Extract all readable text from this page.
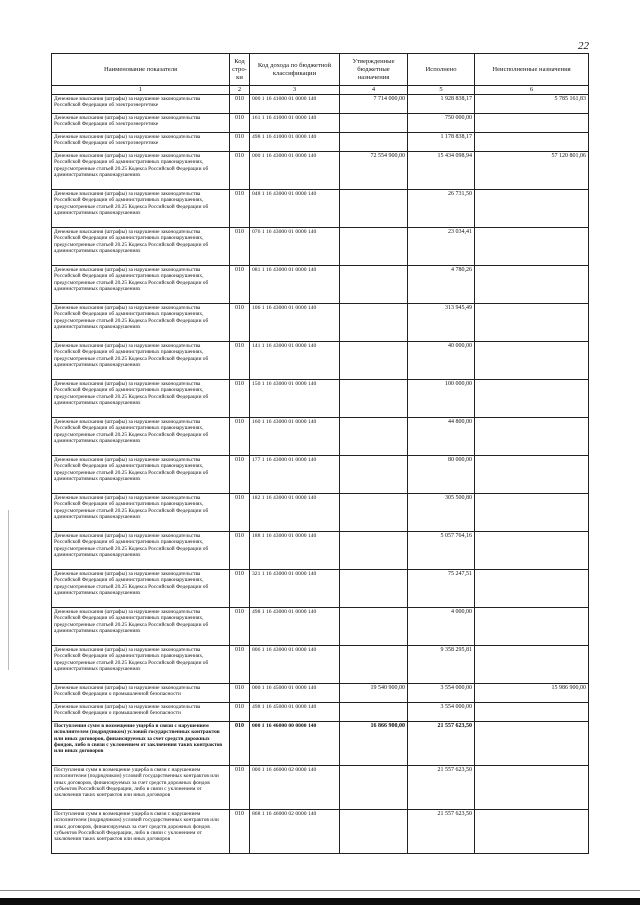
22
Наименование показателя	Код стро- ки	Код дохода по бюджетной классификации	Утвержденные бюджетные назначения	Исполнено	Неисполненные назначения
1	2	3	4	5	6
Денежные взыскания (штрафы) за нарушение законодательства Российской Федерации об электроэнергетике	010	000 1 16 41000 01 0000 140	7 714 000,00	1 928 838,17	5 785 161,83
Денежные взыскания (штрафы) за нарушение законодательства Российской Федерации об электроэнергетике	010	161 1 16 41000 01 0000 140		750 000,00	
Денежные взыскания (штрафы) за нарушение законодательства Российской Федерации об электроэнергетике	010	498 1 16 41000 01 0000 140		1 178 838,17	
Денежные взыскания (штрафы) за нарушение законодательства Российской Федерации об административных правонарушениях, предусмотренные статьей 20.25 Кодекса Российской Федерации об административных правонарушениях	010	000 1 16 43000 01 0000 140	72 554 900,00	15 434 098,94	57 120 801,06
Денежные взыскания (штрафы) за нарушение законодательства Российской Федерации об административных правонарушениях, предусмотренные статьей 20.25 Кодекса Российской Федерации об административных правонарушениях	010	048 1 16 43000 01 0000 140		26 731,50	
Денежные взыскания (штрафы) за нарушение законодательства Российской Федерации об административных правонарушениях, предусмотренные статьей 20.25 Кодекса Российской Федерации об административных правонарушениях	010	076 1 16 43000 01 0000 140		23 034,41	
Денежные взыскания (штрафы) за нарушение законодательства Российской Федерации об административных правонарушениях, предусмотренные статьей 20.25 Кодекса Российской Федерации об административных правонарушениях	010	081 1 16 43000 01 0000 140		4 780,26	
Денежные взыскания (штрафы) за нарушение законодательства Российской Федерации об административных правонарушениях, предусмотренные статьей 20.25 Кодекса Российской Федерации об административных правонарушениях	010	106 1 16 43000 01 0000 140		313 945,49	
Денежные взыскания (штрафы) за нарушение законодательства Российской Федерации об административных правонарушениях, предусмотренные статьей 20.25 Кодекса Российской Федерации об административных правонарушениях	010	141 1 16 43000 01 0000 140		40 000,00	
Денежные взыскания (штрафы) за нарушение законодательства Российской Федерации об административных правонарушениях, предусмотренные статьей 20.25 Кодекса Российской Федерации об административных правонарушениях	010	150 1 16 43000 01 0000 140		100 000,00	
Денежные взыскания (штрафы) за нарушение законодательства Российской Федерации об административных правонарушениях, предусмотренные статьей 20.25 Кодекса Российской Федерации об административных правонарушениях	010	160 1 16 43000 01 0000 140		44 800,00	
Денежные взыскания (штрафы) за нарушение законодательства Российской Федерации об административных правонарушениях, предусмотренные статьей 20.25 Кодекса Российской Федерации об административных правонарушениях	010	177 1 16 43000 01 0000 140		80 000,00	
Денежные взыскания (штрафы) за нарушение законодательства Российской Федерации об административных правонарушениях, предусмотренные статьей 20.25 Кодекса Российской Федерации об административных правонарушениях	010	182 1 16 43000 01 0000 140		305 500,80	
Денежные взыскания (штрафы) за нарушение законодательства Российской Федерации об административных правонарушениях, предусмотренные статьей 20.25 Кодекса Российской Федерации об административных правонарушениях	010	188 1 16 43000 01 0000 140		5 057 764,16	
Денежные взыскания (штрафы) за нарушение законодательства Российской Федерации об административных правонарушениях, предусмотренные статьей 20.25 Кодекса Российской Федерации об административных правонарушениях	010	321 1 16 43000 01 0000 140		75 247,51	
Денежные взыскания (штрафы) за нарушение законодательства Российской Федерации об административных правонарушениях, предусмотренные статьей 20.25 Кодекса Российской Федерации об административных правонарушениях	010	498 1 16 43000 01 0000 140		4 000,00	
Денежные взыскания (штрафы) за нарушение законодательства Российской Федерации об административных правонарушениях, предусмотренные статьей 20.25 Кодекса Российской Федерации об административных правонарушениях	010	806 1 16 43000 01 0000 140		9 358 295,81	
Денежные взыскания (штрафы) за нарушение законодательства Российской Федерации о промышленной безопасности	010	000 1 16 45000 01 0000 140	19 540 900,00	3 554 000,00	15 986 900,00
Денежные взыскания (штрафы) за нарушение законодательства Российской Федерации о промышленной безопасности	010	498 1 16 45000 01 0000 140		3 554 000,00	
Поступления сумм в возмещение ущерба в связи с нарушением исполнителем (подрядчиком) условий государственных контрактов или иных договоров, финансируемых за счет средств дорожных фондов, либо в связи с уклонением от заключения таких контрактов или иных договоров	010	000 1 16 46000 00 0000 140	16 866 900,00	21 557 623,50	
Поступления сумм в возмещение ущерба в связи с нарушением исполнителем (подрядчиком) условий государственных контрактов или иных договоров, финансируемых за счет средств дорожных фондов субъектов Российской Федерации, либо в связи с уклонением от заключения таких контрактов или иных договоров	010	000 1 16 46000 02 0000 140		21 557 623,50	
Поступления сумм в возмещение ущерба в связи с нарушением исполнителем (подрядчиком) условий государственных контрактов или иных договоров, финансируемых за счет средств дорожных фондов субъектов Российской Федерации, либо в связи с уклонением от заключения таких контрактов или иных договоров	010	868 1 16 46000 02 0000 140		21 557 623,50	
